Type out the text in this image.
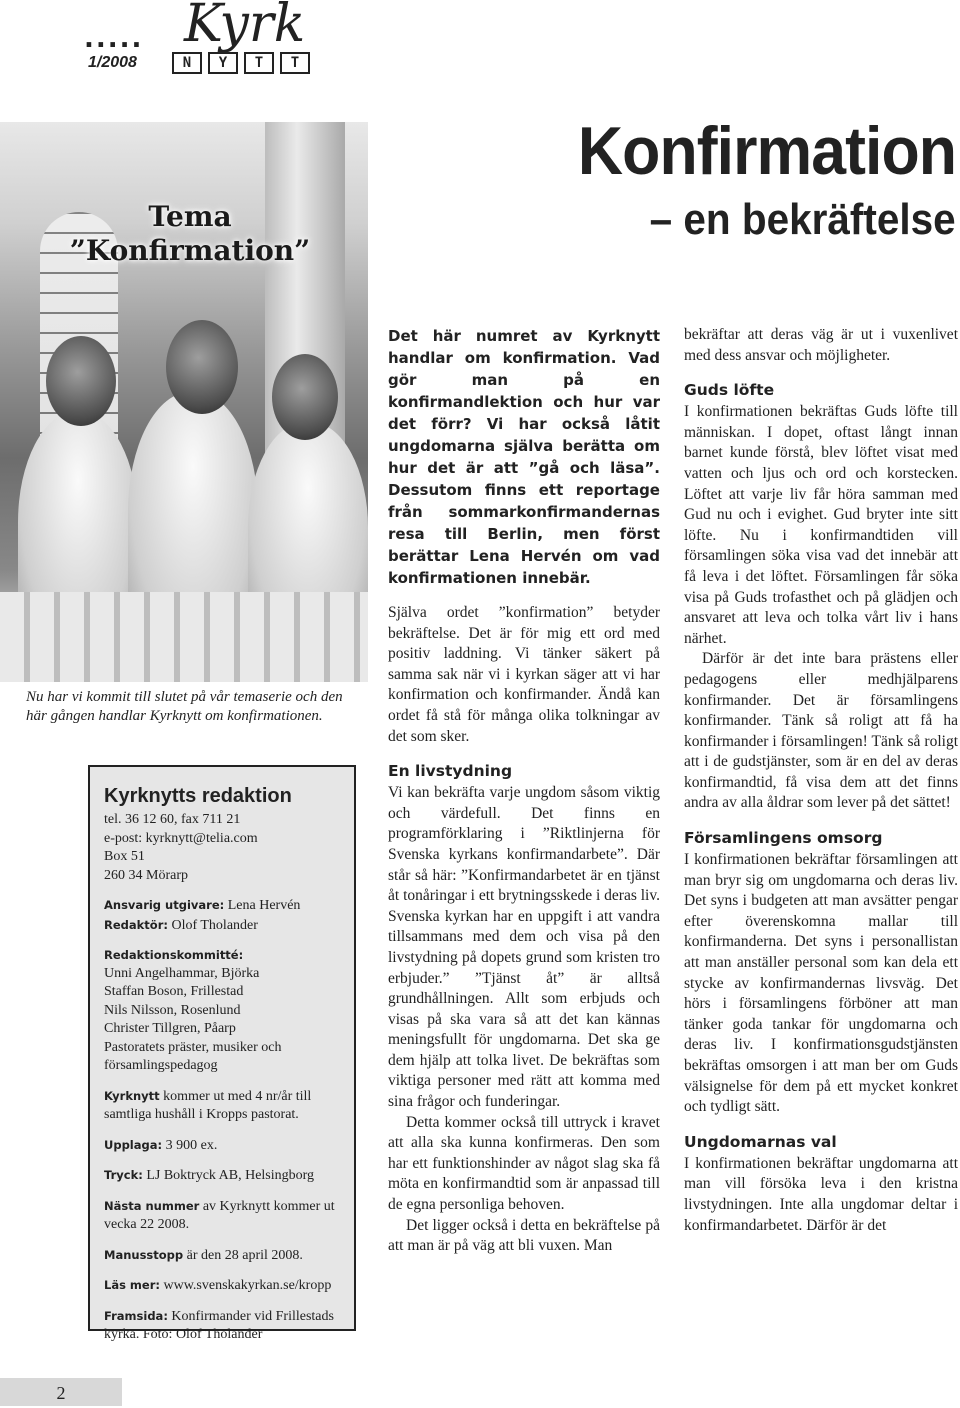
..... Kyrk
N	Y	T	T
1/2008
Tema
”Konfirmation”
Nu har vi kommit till slutet på vår temaserie och den här gången handlar Kyrknytt om konfirmationen.
Konfirmation
– en bekräftelse
Kyrknytts redaktion

tel. 36 12 60, fax 711 21

e-post: kyrknytt@telia.com

Box 51

260 34 Mörarp

Ansvarig utgivare: Lena Hervén

Redaktör: Olof Tholander

Redaktionskommitté:

Unni Angelhammar, Björka

Staffan Boson, Frillestad

Nils Nilsson, Rosenlund

Christer Tillgren, Påarp

Pastoratets präster, musiker och församlingspedagog

Kyrknytt kommer ut med 4 nr/år till samtliga hushåll i Kropps pastorat.

Upplaga: 3 900 ex.

Tryck: LJ Boktryck AB, Helsingborg

Nästa nummer av Kyrknytt kommer ut vecka 22 2008.

Manusstopp är den 28 april 2008.

Läs mer: www.svenskakyrkan.se/kropp

Framsida: Konfirmander vid Frillestads kyrka. Foto: Olof Tholander

Det här numret av Kyrknytt handlar om konfirmation. Vad gör man på en konfirmandlektion och hur var det förr? Vi har också låtit ungdomarna själva berätta om hur det är att ”gå och läsa”. Dessutom finns ett reportage från sommarkonfirmandernas resa till Berlin, men först berättar Lena Hervén om vad konfirmationen innebär.

Själva ordet ”konfirmation” betyder bekräftelse. Det är för mig ett ord med positiv laddning. Vi tänker säkert på samma sak när vi i kyrkan säger att vi har konfirmation och konfirmander. Ändå kan ordet få stå för många olika tolkningar av det som sker.

En livstydning

Vi kan bekräfta varje ungdom såsom viktig och värdefull. Det finns en programförklaring i ”Riktlinjerna för Svenska kyrkans konfirmandarbete”. Där står så här: ”Konfirmandarbetet är en tjänst åt tonåringar i ett brytningsskede i deras liv. Svenska kyrkan har en uppgift i att vandra tillsammans med dem och visa på den livstydning på dopets grund som kristen tro erbjuder.” ”Tjänst åt” är alltså grundhållningen. Allt som erbjuds och visas på ska vara så att det kan kännas meningsfullt för ungdomarna. Det ska ge dem hjälp att tolka livet. De bekräftas som viktiga personer med rätt att komma med sina frågor och funderingar.

Detta kommer också till uttryck i kravet att alla ska kunna konfirmeras. Den som har ett funktionshinder av något slag ska få möta en konfirmandtid som är anpassad till de egna personliga behoven.

Det ligger också i detta en bekräftelse på att man är på väg att bli vuxen. Man

bekräftar att deras väg är ut i vuxenlivet med dess ansvar och möjligheter.

Guds löfte

I konfirmationen bekräftas Guds löfte till människan. I dopet, oftast långt innan barnet kunde förstå, blev löftet visat med vatten och ljus och ord och korstecken. Löftet att varje liv får höra samman med Gud nu och i evighet. Gud bryter inte sitt löfte. Nu i konfirmandtiden vill församlingen söka visa vad det innebär att få leva i det löftet. Församlingen får söka visa på Guds trofasthet och på glädjen och ansvaret att leva och tolka vårt liv i hans närhet.

Därför är det inte bara prästens eller pedagogens eller medhjälparens konfirmander. Det är församlingens konfirmander. Tänk så roligt att få ha konfirmander i församlingen! Tänk så roligt att i de gudstjänster, som är en del av deras konfirmandtid, få visa dem att det finns andra av alla åldrar som lever på det sättet!

Församlingens omsorg

I konfirmationen bekräftar församlingen att man bryr sig om ungdomarna och deras liv. Det syns i budgeten att man avsätter pengar efter överenskomna mallar till konfirmanderna. Det syns i personallistan att man anställer personal som kan dela ett stycke av konfirmandernas livsväg. Det hörs i församlingens förböner att man tänker goda tankar för ungdomarna och deras liv. I konfirmationsgudstjänsten bekräftas omsorgen i att man ber om Guds välsignelse för dem på ett mycket konkret och tydligt sätt.

Ungdomarnas val

I konfirmationen bekräftar ungdomarna att man vill försöka leva i den kristna livstydningen. Inte alla ungdomar deltar i konfirmandarbetet. Därför är det

2
